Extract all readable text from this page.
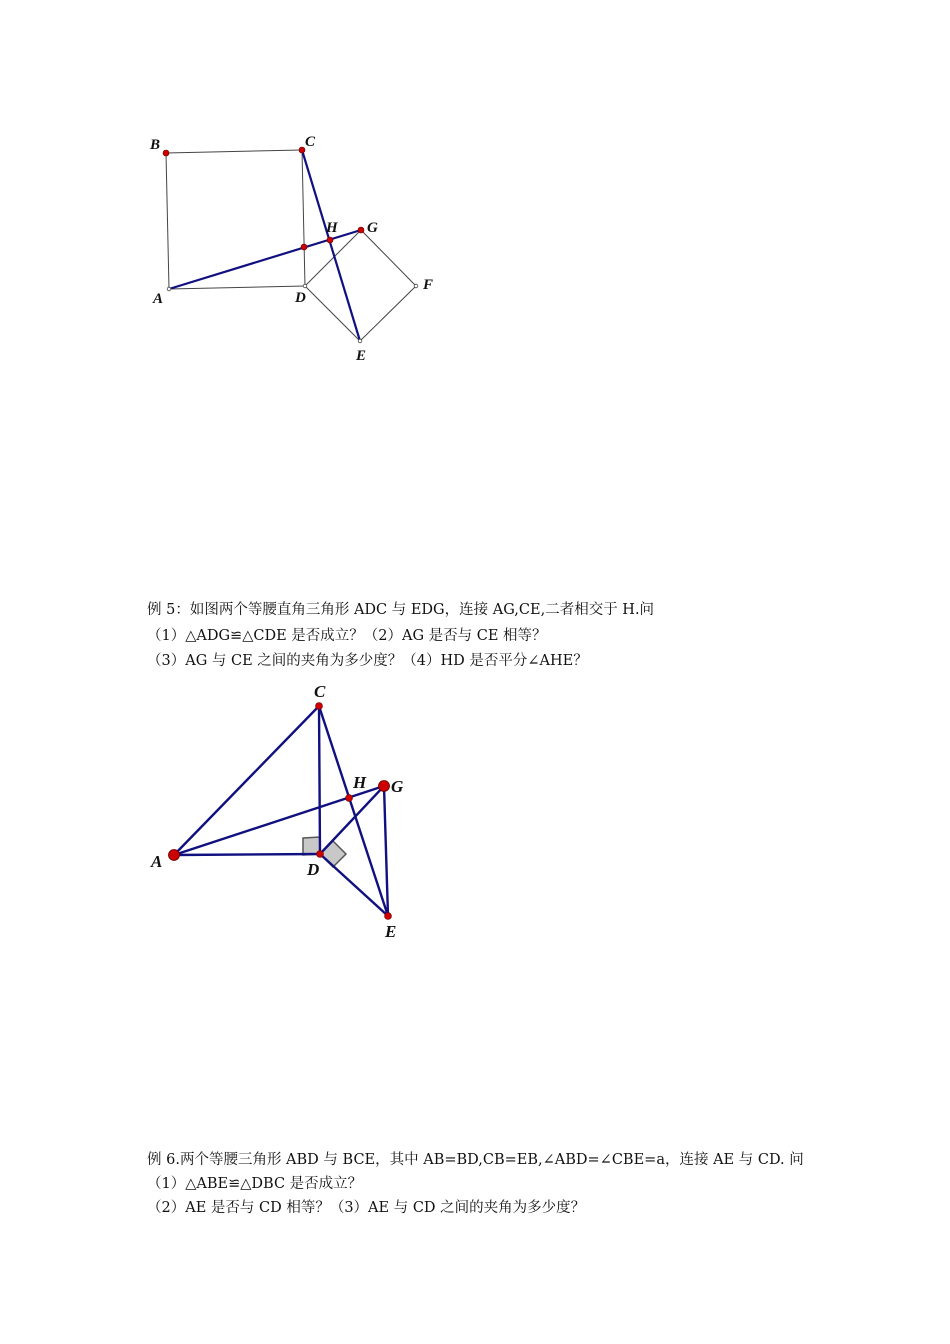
B	C
H G
F
A	D
E
例 5：如图两个等腰直角三角形 ADC 与 EDG，连接 AG,CE,二者相交于 H.问
（1）△ADG≌△CDE 是否成立？（2）AG 是否与 CE 相等？
（3）AG 与 CE 之间的夹角为多少度？（4）HD 是否平分∠AHE？
C
H G
A	D
E
例 6.两个等腰三角形 ABD 与 BCE，其中 AB=BD,CB=EB,∠ABD=∠CBE=a，连接 AE 与 CD. 问
（1）△ABE≌△DBC 是否成立？
（2）AE 是否与 CD 相等？（3）AE 与 CD 之间的夹角为多少度？
